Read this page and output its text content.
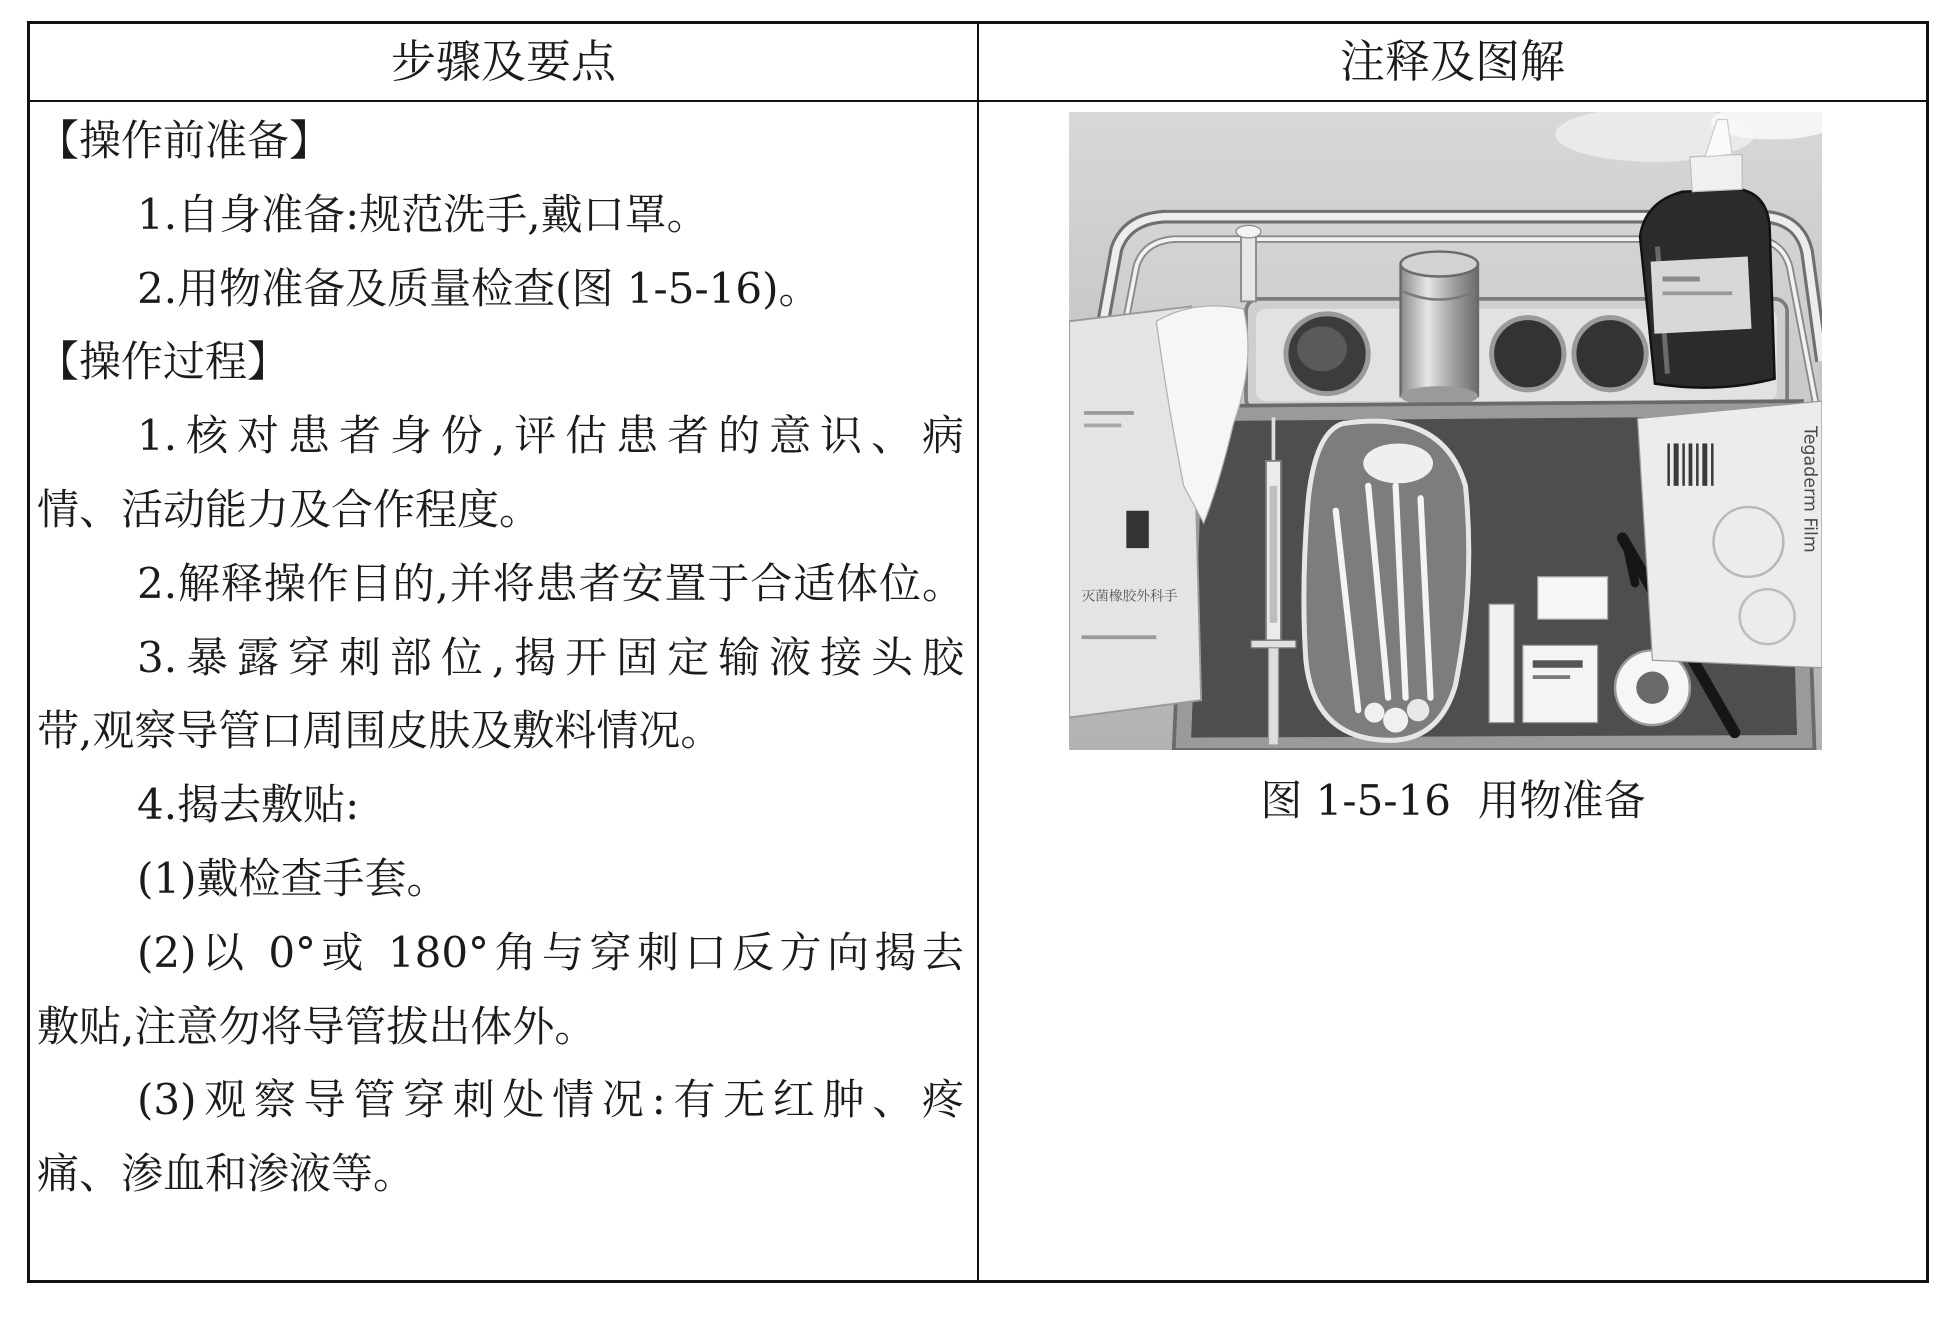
步骤及要点	注释及图解
【操作前准备】
1.自身准备:规范洗手,戴口罩。
2.用物准备及质量检查(图 1-5-16)。
【操作过程】
1.核对患者身份,评估患者的意识、病
情、活动能力及合作程度。
2.解释操作目的,并将患者安置于合适体位。
3.暴露穿刺部位,揭开固定输液接头胶
带,观察导管口周围皮肤及敷料情况。
4.揭去敷贴:
(1)戴检查手套。
(2)以 0°或 180°角与穿刺口反方向揭去
敷贴,注意勿将导管拔出体外。
(3)观察导管穿刺处情况:有无红肿、疼
痛、渗血和渗液等。
灭菌橡胶外科手
Tegaderm Film
图 1-5-16  用物准备
